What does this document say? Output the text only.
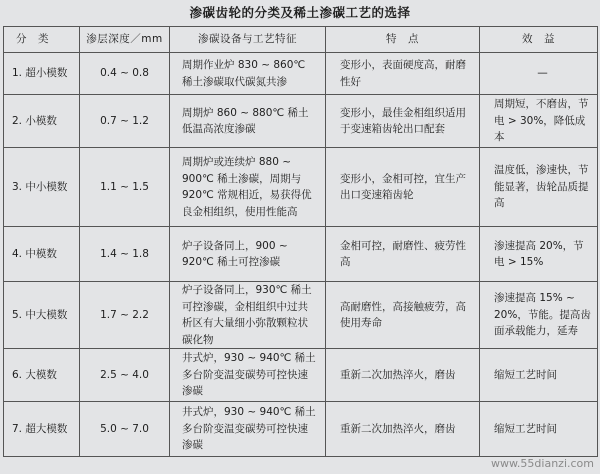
渗碳齿轮的分类及稀土渗碳工艺的选择
分　类	渗层深度／mm	渗碳设备与工艺特征	特　点	效　益
1. 超小模数	0.4 ~ 0.8	周期作业炉 830 ~ 860℃ 稀土渗碳取代碳氮共渗	变形小，表面硬度高，耐磨性好	—
2. 小模数	0.7 ~ 1.2	周期炉 860 ~ 880℃ 稀土低温高浓度渗碳	变形小，最佳金相组织适用于变速箱齿轮出口配套	周期短，不磨齿，节电 > 30%，降低成本
3. 中小模数	1.1 ~ 1.5	周期炉或连续炉 880 ~ 900℃ 稀土渗碳，周期与 920℃ 常规相近，易获得优良金相组织，使用性能高	变形小，金相可控，宜生产出口变速箱齿轮	温度低，渗速快，节能显著，齿轮品质提高
4. 中模数	1.4 ~ 1.8	炉子设备同上，900 ~ 920℃ 稀土可控渗碳	金相可控，耐磨性、疲劳性高	渗速提高 20%，节电 > 15%
5. 中大模数	1.7 ~ 2.2	炉子设备同上，930℃ 稀土可控渗碳，金相组织中过共析区有大量细小弥散颗粒状碳化物	高耐磨性，高接触疲劳，高使用寿命	渗速提高 15% ~ 20%，节能。提高齿面承载能力，延寿
6. 大模数	2.5 ~ 4.0	井式炉，930 ~ 940℃ 稀土多台阶变温变碳势可控快速渗碳	重新二次加热淬火，磨齿	缩短工艺时间
7. 超大模数	5.0 ~ 7.0	井式炉，930 ~ 940℃ 稀土多台阶变温变碳势可控快速渗碳	重新二次加热淬火，磨齿	缩短工艺时间
www.55dianzi.com
